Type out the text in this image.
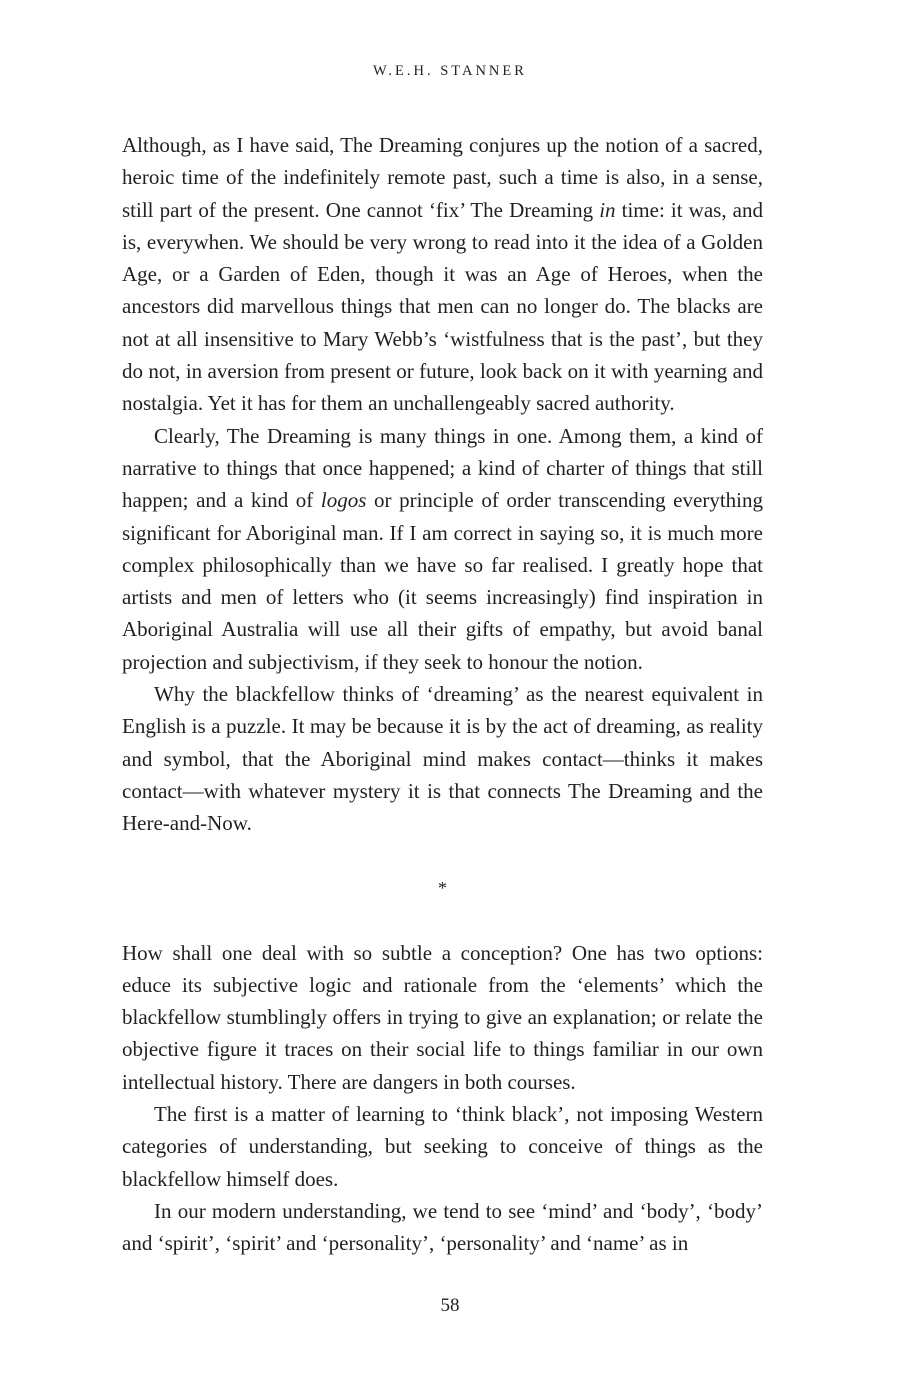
W.E.H. STANNER

Although, as I have said, The Dreaming conjures up the notion of a sacred, heroic time of the indefinitely remote past, such a time is also, in a sense, still part of the present. One cannot ‘fix’ The Dreaming in time: it was, and is, everywhen. We should be very wrong to read into it the idea of a Golden Age, or a Garden of Eden, though it was an Age of Heroes, when the ancestors did marvellous things that men can no longer do. The blacks are not at all insensitive to Mary Webb’s ‘wistfulness that is the past’, but they do not, in aversion from present or future, look back on it with yearning and nostalgia. Yet it has for them an unchallengeably sacred authority.

Clearly, The Dreaming is many things in one. Among them, a kind of narrative to things that once happened; a kind of charter of things that still happen; and a kind of logos or principle of order transcending everything significant for Aboriginal man. If I am correct in saying so, it is much more complex philosophically than we have so far realised. I greatly hope that artists and men of letters who (it seems increasingly) find inspiration in Aboriginal Australia will use all their gifts of empathy, but avoid banal projection and subjectivism, if they seek to honour the notion.

Why the blackfellow thinks of ‘dreaming’ as the nearest equivalent in English is a puzzle. It may be because it is by the act of dreaming, as reality and symbol, that the Aboriginal mind makes contact—thinks it makes contact—with whatever mystery it is that connects The Dreaming and the Here-and-Now.

*

How shall one deal with so subtle a conception? One has two options: educe its subjective logic and rationale from the ‘elements’ which the blackfellow stumblingly offers in trying to give an explanation; or relate the objective figure it traces on their social life to things familiar in our own intellectual history. There are dangers in both courses.

The first is a matter of learning to ‘think black’, not imposing Western categories of understanding, but seeking to conceive of things as the blackfellow himself does.

In our modern understanding, we tend to see ‘mind’ and ‘body’, ‘body’ and ‘spirit’, ‘spirit’ and ‘personality’, ‘personality’ and ‘name’ as in

58
